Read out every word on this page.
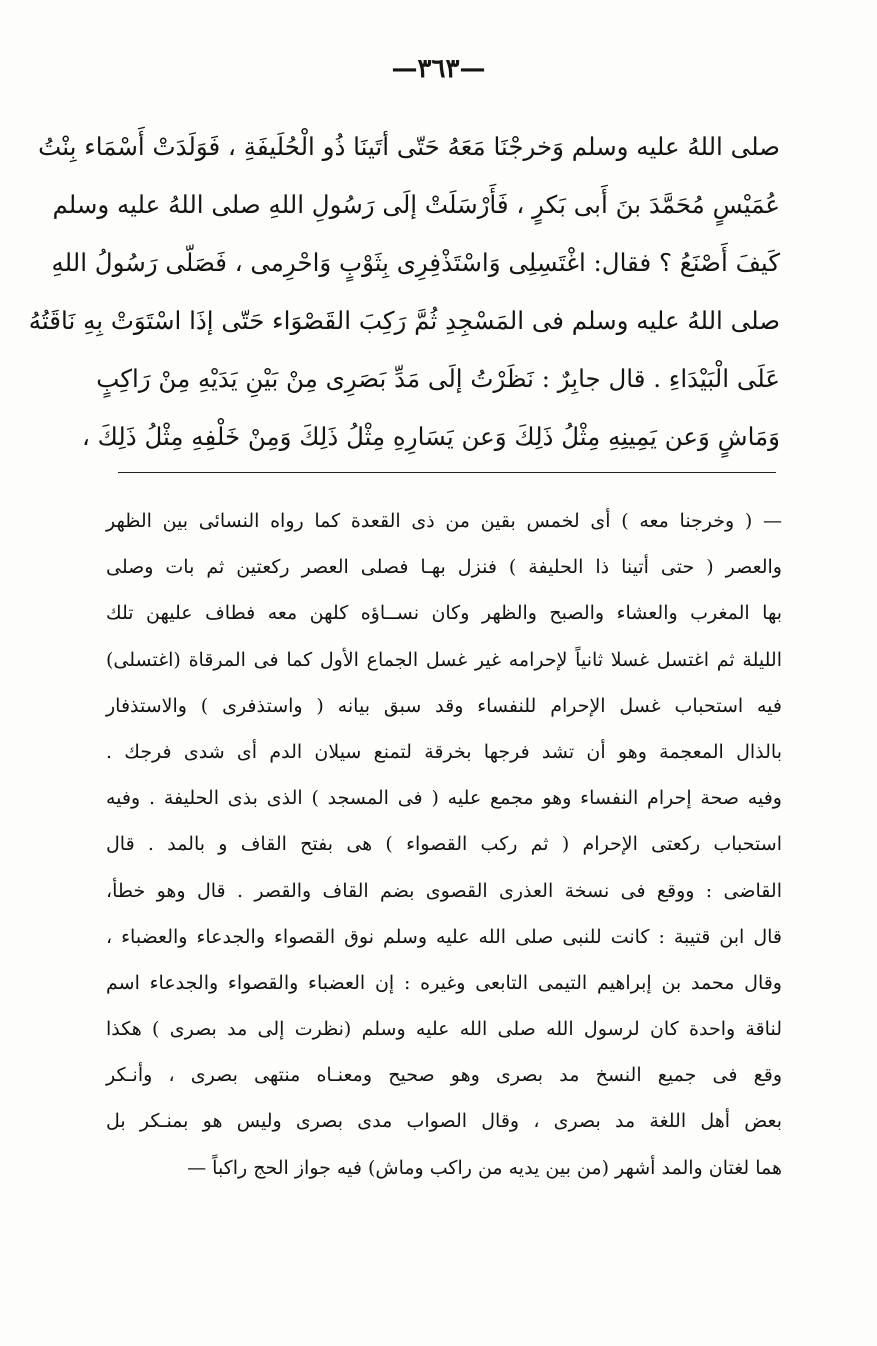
—٣٦٣—
صلى اللهُ عليه وسلم وَخرجْنَا مَعَهُ حَتّى أتَينَا ذُو الْحُلَيفَةِ ، فَوَلَدَتْ أَسْمَاء بِنْتُ
عُمَيْسٍ مُحَمَّدَ بنَ أَبى بَكرٍ ، فَأَرْسَلَتْ إلَى رَسُولِ اللهِ صلى اللهُ عليه وسلم
كَيفَ أَصْنَعُ ؟ فقال: اغْتَسِلِى وَاسْتَذْفِرِى بِثَوْبٍ وَاحْرِمى ، فَصَلّى رَسُولُ اللهِ
صلى اللهُ عليه وسلم فى المَسْجِدِ ثُمَّ رَكِبَ القَصْوَاء حَتّى إذَا اسْتَوَتْ بِهِ نَاقَتُهُ
عَلَى الْبَيْدَاءِ . قال جابِرٌ : نَظَرْتُ إلَى مَدِّ بَصَرِى مِنْ بَيْنِ يَدَيْهِ مِنْ رَاكِبٍ
وَمَاشٍ وَعن يَمِينِهِ مِثْلُ ذَلِكَ وَعن يَسَارِهِ مِثْلُ ذَلِكَ وَمِنْ خَلْفِهِ مِثْلُ ذَلِكَ ،
— ( وخرجنا معه ) أى لخمس بقين من ذى القعدة كما رواه النسائى بين الظهر
والعصر ( حتى أتينا ذا الحليفة ) فنزل بهـا فصلى العصر ركعتين ثم بات وصلى
بها المغرب والعشاء والصبح والظهر وكان نســاؤه كلهن معه فطاف عليهن تلك
الليلة ثم اغتسل غسلا ثانياً لإحرامه غير غسل الجماع الأول كما فى المرقاة (اغتسلى)
فيه استحباب غسل الإحرام للنفساء وقد سبق بيانه ( واستذفرى ) والاستذفار
بالذال المعجمة وهو أن تشد فرجها بخرقة لتمنع سيلان الدم أى شدى فرجك .
وفيه صحة إحرام النفساء وهو مجمع عليه ( فى المسجد ) الذى بذى الحليفة . وفيه
استحباب ركعتى الإحرام ( ثم ركب القصواء ) هى بفتح القاف و بالمد . قال
القاضى : ووقع فى نسخة العذرى القصوى بضم القاف والقصر . قال وهو خطأ،
قال ابن قتيبة : كانت للنبى صلى الله عليه وسلم نوق القصواء والجدعاء والعضباء ،
وقال محمد بن إبراهيم التيمى التابعى وغيره : إن العضباء والقصواء والجدعاء اسم
لناقة واحدة كان لرسول الله صلى الله عليه وسلم (نظرت إلى مد بصرى ) هكذا
وقع فى جميع النسخ مد بصرى وهو صحيح ومعنـاه منتهى بصرى ، وأنـكر
بعض أهل اللغة مد بصرى ، وقال الصواب مدى بصرى وليس هو بمنـكر بل
هما لغتان والمد أشهر (من بين يديه من راكب وماش) فيه جواز الحج راكباً —
